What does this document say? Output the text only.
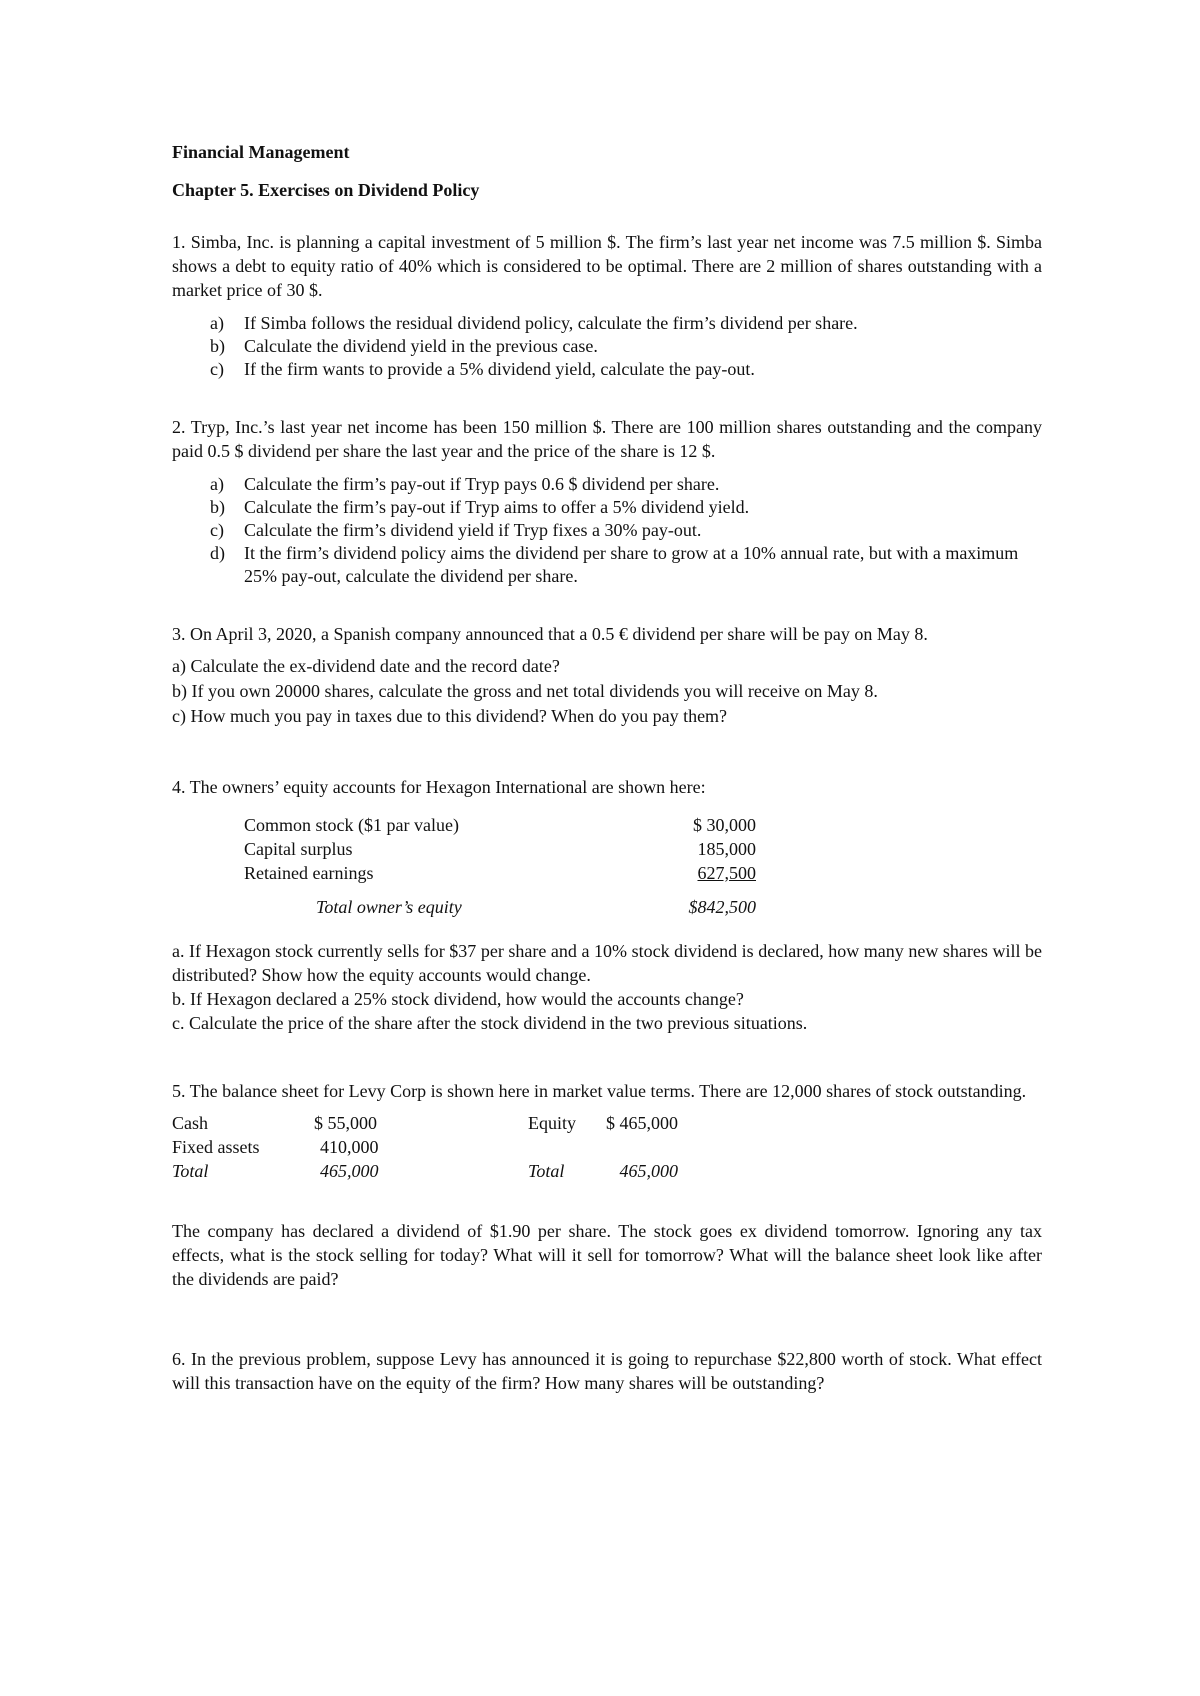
Financial Management

Chapter 5. Exercises on Dividend Policy

1. Simba, Inc. is planning a capital investment of 5 million $. The firm’s last year net income was 7.5 million $. Simba shows a debt to equity ratio of 40% which is considered to be optimal. There are 2 million of shares outstanding with a market price of 30 $.

a)	If Simba follows the residual dividend policy, calculate the firm’s dividend per share.
b)	Calculate the dividend yield in the previous case.
c)	If the firm wants to provide a 5% dividend yield, calculate the pay-out.

2. Tryp, Inc.’s last year net income has been 150 million $. There are 100 million shares outstanding and the company paid 0.5 $ dividend per share the last year and the price of the share is 12 $.

a)	Calculate the firm’s pay-out if Tryp pays 0.6 $ dividend per share.
b)	Calculate the firm’s pay-out if Tryp aims to offer a 5% dividend yield.
c)	Calculate the firm’s dividend yield if Tryp fixes a 30% pay-out.
d)	It the firm’s dividend policy aims the dividend per share to grow at a 10% annual rate, but with a maximum 25% pay-out, calculate the dividend per share.

3. On April 3, 2020, a Spanish company announced that a 0.5 € dividend per share will be pay on May 8.

a) Calculate the ex-dividend date and the record date?
b) If you own 20000 shares, calculate the gross and net total dividends you will receive on May 8.
c) How much you pay in taxes due to this dividend? When do you pay them?

4. The owners’ equity accounts for Hexagon International are shown here:

Common stock ($1 par value)	$ 30,000
Capital surplus	185,000
Retained earnings	627,500
Total owner’s equity	$842,500

a. If Hexagon stock currently sells for $37 per share and a 10% stock dividend is declared, how many new shares will be distributed? Show how the equity accounts would change.

b. If Hexagon declared a 25% stock dividend, how would the accounts change?

c. Calculate the price of the share after the stock dividend in the two previous situations.

5. The balance sheet for Levy Corp is shown here in market value terms. There are 12,000 shares of stock outstanding.

Cash	$ 55,000		Equity	$ 465,000
Fixed assets	410,000			
Total	465,000		Total	465,000

The company has declared a dividend of $1.90 per share. The stock goes ex dividend tomorrow. Ignoring any tax effects, what is the stock selling for today? What will it sell for tomorrow? What will the balance sheet look like after the dividends are paid?

6. In the previous problem, suppose Levy has announced it is going to repurchase $22,800 worth of stock. What effect will this transaction have on the equity of the firm? How many shares will be outstanding?
